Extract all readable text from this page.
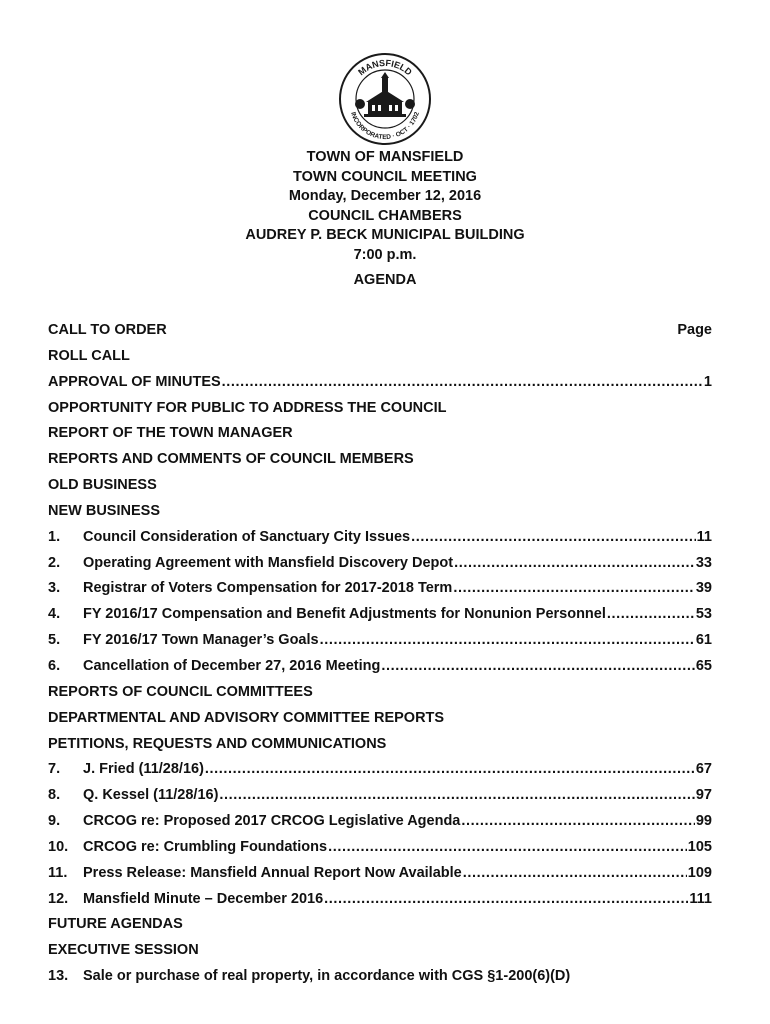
MANSFIELD
INCORPORATED · OCT · 1702
TOWN OF MANSFIELD
TOWN COUNCIL MEETING
Monday, December 12, 2016
COUNCIL CHAMBERS
AUDREY P. BECK MUNICIPAL BUILDING
7:00 p.m.
AGENDA
CALL TO ORDER	Page
ROLL CALL
APPROVAL OF MINUTES .....	1
OPPORTUNITY FOR PUBLIC TO ADDRESS THE COUNCIL
REPORT OF THE TOWN MANAGER
REPORTS AND COMMENTS OF COUNCIL MEMBERS
OLD BUSINESS
NEW BUSINESS
1.	Council Consideration of Sanctuary City Issues .....	11
2.	Operating Agreement with Mansfield Discovery Depot .....	33
3.	Registrar of Voters Compensation for 2017-2018 Term .....	39
4.	FY 2016/17 Compensation and Benefit Adjustments for Nonunion Personnel .....	53
5.	FY 2016/17 Town Manager’s Goals .....	61
6.	Cancellation of December 27, 2016 Meeting .....	65
REPORTS OF COUNCIL COMMITTEES
DEPARTMENTAL AND ADVISORY COMMITTEE REPORTS
PETITIONS, REQUESTS AND COMMUNICATIONS
7.	J. Fried (11/28/16) .....	67
8.	Q. Kessel (11/28/16) .....	97
9.	CRCOG re: Proposed 2017 CRCOG Legislative Agenda .....	99
10.	CRCOG re: Crumbling Foundations .....	105
11.	Press Release: Mansfield Annual Report Now Available .....	109
12.	Mansfield Minute – December 2016 .....	111
FUTURE AGENDAS
EXECUTIVE SESSION
13.	Sale or purchase of real property, in accordance with CGS §1-200(6)(D)
